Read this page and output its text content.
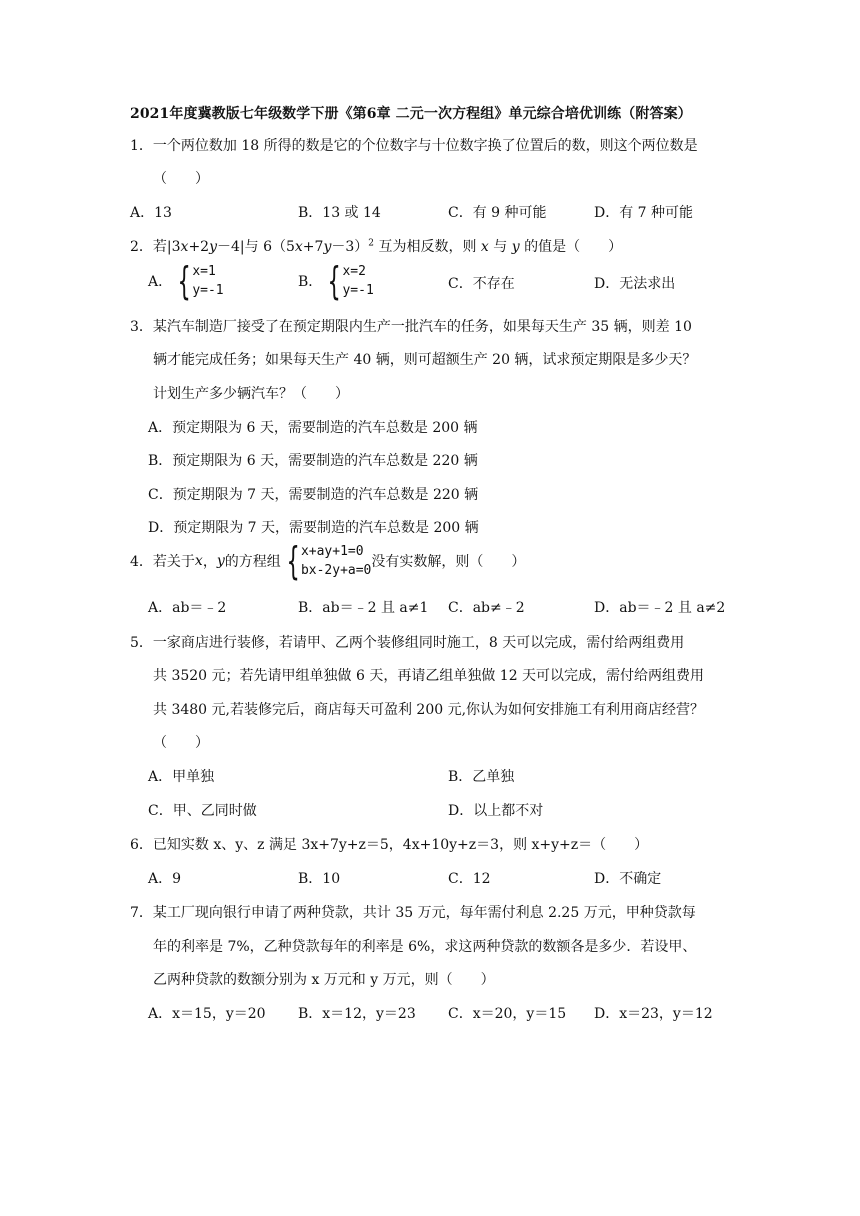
2021年度冀教版七年级数学下册《第6章 二元一次方程组》单元综合培优训练（附答案）
1．一个两位数加 18 所得的数是它的个位数字与十位数字换了位置后的数，则这个两位数是
（　　）
A．13	B．13 或 14	C．有 9 种可能	D．有 7 种可能
2．若|3x+2y－4|与 $6(5x+7y-3)^2$ 互为相反数，则 x 与 y 的值是（　　）
A． { x=1
y=-1
B． { x=2
y=-1	C．不存在	D．无法求出
3．某汽车制造厂接受了在预定期限内生产一批汽车的任务，如果每天生产 35 辆，则差 10
辆才能完成任务；如果每天生产 40 辆，则可超额生产 20 辆，试求预定期限是多少天？
计划生产多少辆汽车？（　　）
A．预定期限为 6 天，需要制造的汽车总数是 200 辆
B．预定期限为 6 天，需要制造的汽车总数是 220 辆
C．预定期限为 7 天，需要制造的汽车总数是 220 辆
D．预定期限为 7 天，需要制造的汽车总数是 200 辆
4．若关于 x ， y 的方程组 { x+ay+1=0
bx-2y+a=0
没有实数解，则（　　）
A．ab＝﹣2	B．ab＝﹣2 且 a≠1 C．ab≠﹣2	D．ab＝﹣2 且 a≠2
5．一家商店进行装修，若请甲、乙两个装修组同时施工，8 天可以完成，需付给两组费用
共 3520 元；若先请甲组单独做 6 天，再请乙组单独做 12 天可以完成，需付给两组费用
共 3480 元,若装修完后，商店每天可盈利 200 元,你认为如何安排施工有利用商店经营？
（　　）
A．甲单独	B．乙单独
C．甲、乙同时做	D．以上都不对
6．已知实数 x、y、z 满足 3x+7y+z＝5，4x+10y+z＝3，则 x+y+z＝（　　）
A．9	B．10	C．12	D．不确定
7．某工厂现向银行申请了两种贷款，共计 35 万元，每年需付利息 2.25 万元，甲种贷款每
年的利率是 7%，乙种贷款每年的利率是 6%，求这两种贷款的数额各是多少．若设甲、
乙两种贷款的数额分别为 x 万元和 y 万元，则（　　）
A．x＝15，y＝20 B．x＝12，y＝23 C．x＝20，y＝15 D．x＝23，y＝12
